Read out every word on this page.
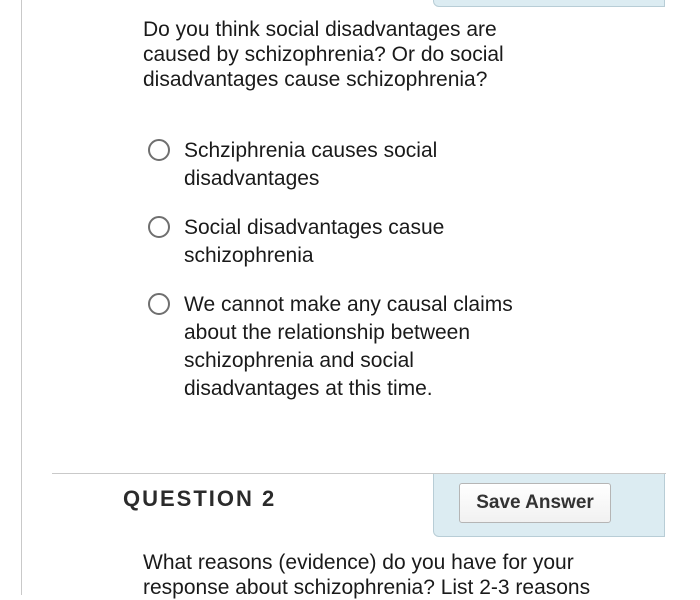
Do you think social disadvantages are caused by schizophrenia? Or do social disadvantages cause schizophrenia?

Schziphrenia causes social disadvantages
Social disadvantages casue schizophrenia
We cannot make any causal claims about the relationship between schizophrenia and social disadvantages at this time.
QUESTION 2	Save Answer

What reasons (evidence) do you have for your response about schizophrenia? List 2-3 reasons
